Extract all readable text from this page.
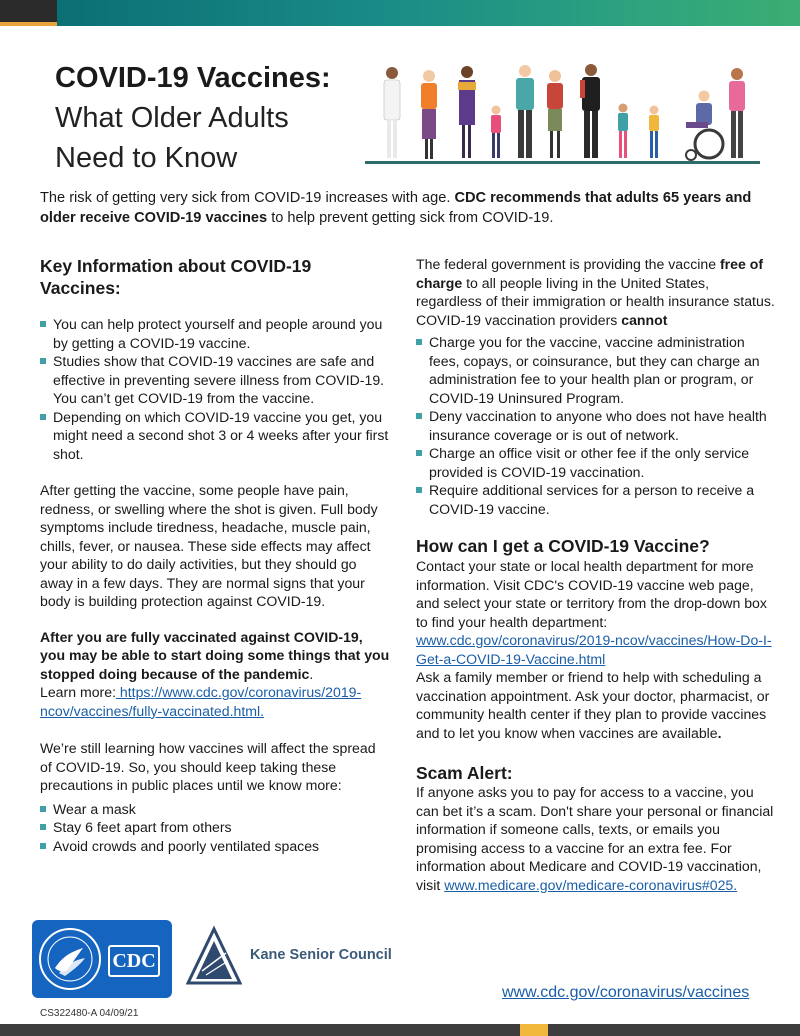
COVID-19 Vaccines:
What Older Adults
Need to Know

The risk of getting very sick from COVID-19 increases with age. CDC recommends that adults 65 years and older receive COVID-19 vaccines to help prevent getting sick from COVID-19.

Key Information about COVID-19 Vaccines:
You can help protect yourself and people around you by getting a COVID-19 vaccine.
Studies show that COVID-19 vaccines are safe and effective in preventing severe illness from COVID-19. You can’t get COVID-19 from the vaccine.
Depending on which COVID-19 vaccine you get, you might need a second shot 3 or 4 weeks after your first shot.

After getting the vaccine, some people have pain, redness, or swelling where the shot is given. Full body symptoms include tiredness, headache, muscle pain, chills, fever, or nausea. These side effects may affect your ability to do daily activities, but they should go away in a few days. They are normal signs that your body is building protection against COVID-19.

After you are fully vaccinated against COVID-19, you may be able to start doing some things that you stopped doing because of the pandemic.
Learn more: https://www.cdc.gov/coronavirus/2019-ncov/vaccines/fully-vaccinated.html.

We’re still learning how vaccines will affect the spread of COVID-19. So, you should keep taking these precautions in public places until we know more:

Wear a mask
Stay 6 feet apart from others
Avoid crowds and poorly ventilated spaces

The federal government is providing the vaccine free of charge to all people living in the United States, regardless of their immigration or health insurance status. COVID-19 vaccination providers cannot

Charge you for the vaccine, vaccine administration fees, copays, or coinsurance, but they can charge an administration fee to your health plan or program, or COVID-19 Uninsured Program.
Deny vaccination to anyone who does not have health insurance coverage or is out of network.
Charge an office visit or other fee if the only service provided is COVID-19 vaccination.
Require additional services for a person to receive a COVID-19 vaccine.
How can I get a COVID-19 Vaccine?

Contact your state or local health department for more information. Visit CDC's COVID-19 vaccine web page, and select your state or territory from the drop-down box to find your health department:

www.cdc.gov/coronavirus/2019-ncov/vaccines/How-Do-I-Get-a-COVID-19-Vaccine.html

Ask a family member or friend to help with scheduling a vaccination appointment. Ask your doctor, pharmacist, or community health center if they plan to provide vaccines and to let you know when vaccines are available.

Scam Alert:

If anyone asks you to pay for access to a vaccine, you can bet it’s a scam. Don't share your personal or financial information if someone calls, texts, or emails you promising access to a vaccine for an extra fee. For information about Medicare and COVID-19 vaccination, visit www.medicare.gov/medicare-coronavirus#025.

CDC	Kane Senior Council
CS322480-A 04/09/21
www.cdc.gov/coronavirus/vaccines
